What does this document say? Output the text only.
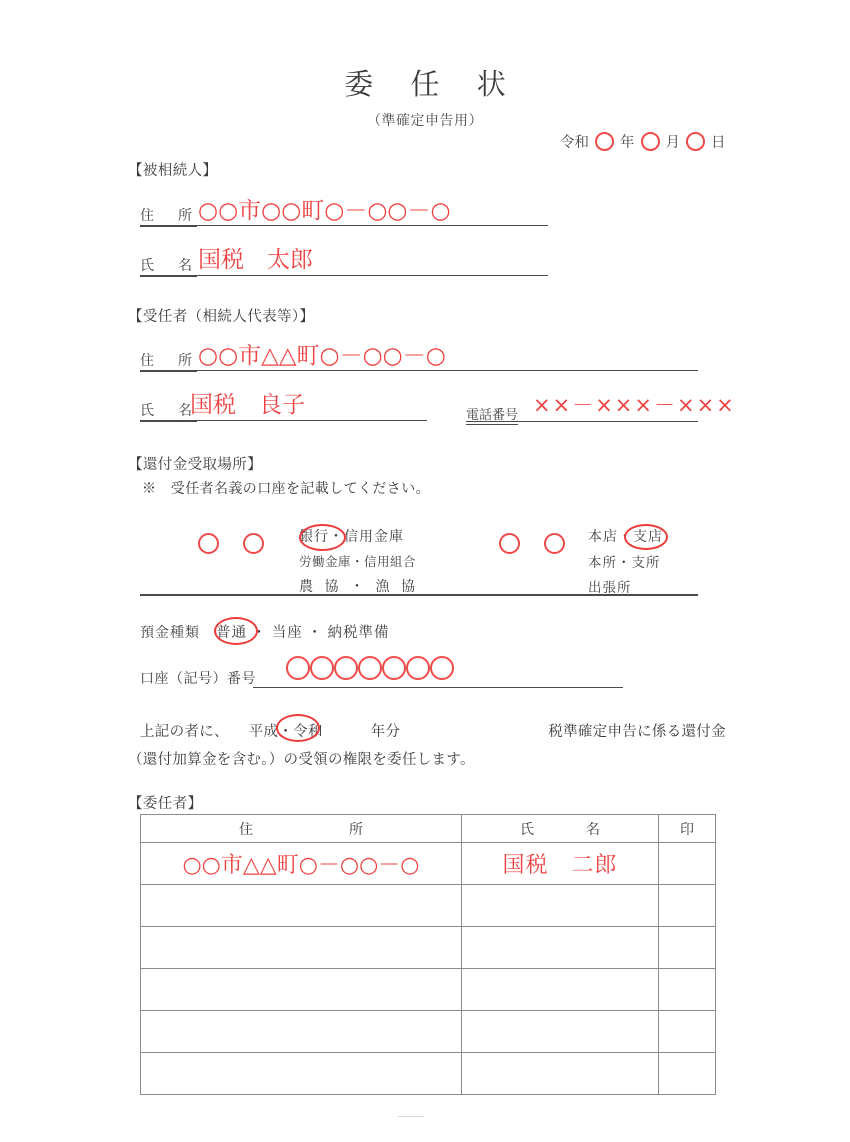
委 任 状
（準確定申告用）
令和 年 月 日
【被相続人】
住　所 ○○市○○町○－○○－○
氏　名 国税　太郎
【受任者（相続人代表等）】
住　所 ○○市△△町○－○○－○
氏　名
国税　良子	電話番号 ××－×××－×××
【還付金受取場所】
※　受任者名義の口座を記載してください。
銀行・信用金庫
労働金庫・信用組合
農 協 ・ 漁 協
本店・支店
本所・支所
出張所
預金種類 普通 ・ 当座 ・ 納税準備
口座（記号）番号
上記の者に、 平成・令和	年分	税準確定申告に係る還付金
（還付加算金を含む。）の受領の権限を委任します。
【委任者】
住　　　　所	氏　　名	印
○○市△△町○－○○－○	国税　二郎	
